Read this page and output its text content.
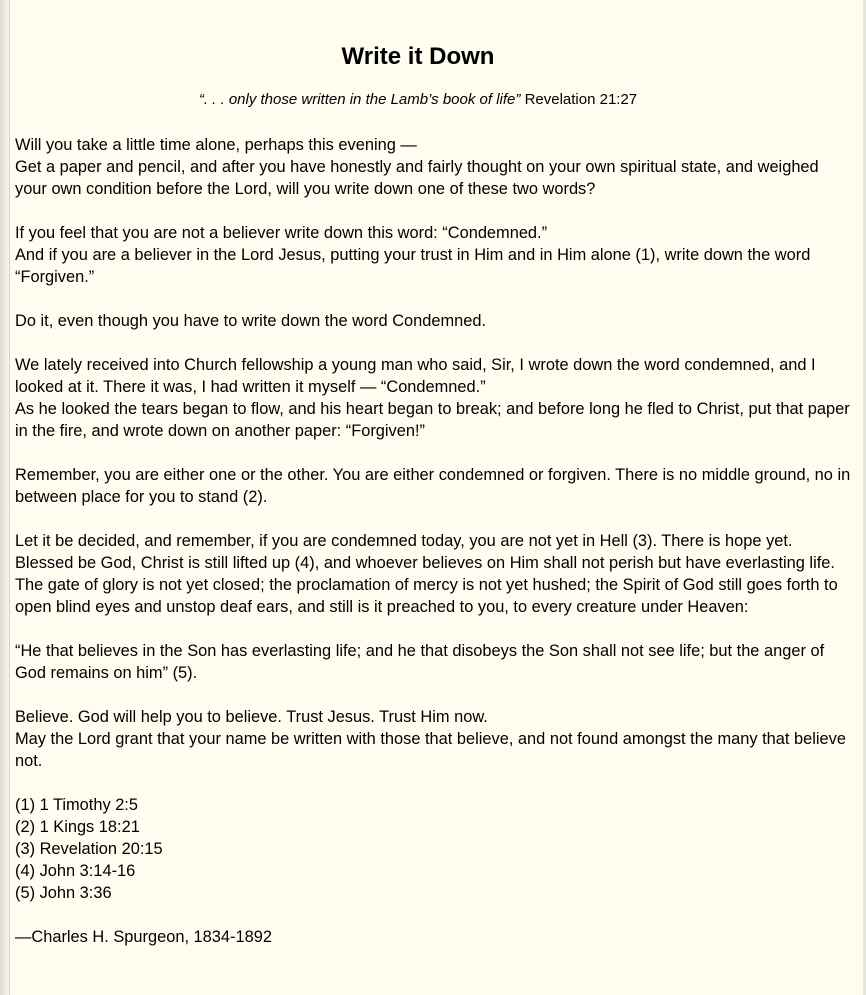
Write it Down
“. . . only those written in the Lamb’s book of life” Revelation 21:27

Will you take a little time alone, perhaps this evening —
Get a paper and pencil, and after you have honestly and fairly thought on your own spiritual state, and weighed your own condition before the Lord, will you write down one of these two words?

If you feel that you are not a believer write down this word: “Condemned.”
And if you are a believer in the Lord Jesus, putting your trust in Him and in Him alone (1), write down the word “Forgiven.”

Do it, even though you have to write down the word Condemned.

We lately received into Church fellowship a young man who said, Sir, I wrote down the word condemned, and I looked at it. There it was, I had written it myself — “Condemned.”
As he looked the tears began to flow, and his heart began to break; and before long he fled to Christ, put that paper in the fire, and wrote down on another paper: “Forgiven!”

Remember, you are either one or the other. You are either condemned or forgiven. There is no middle ground, no in between place for you to stand (2).

Let it be decided, and remember, if you are condemned today, you are not yet in Hell (3). There is hope yet. Blessed be God, Christ is still lifted up (4), and whoever believes on Him shall not perish but have everlasting life. The gate of glory is not yet closed; the proclamation of mercy is not yet hushed; the Spirit of God still goes forth to open blind eyes and unstop deaf ears, and still is it preached to you, to every creature under Heaven:

“He that believes in the Son has everlasting life; and he that disobeys the Son shall not see life; but the anger of God remains on him” (5).

Believe. God will help you to believe. Trust Jesus. Trust Him now.
May the Lord grant that your name be written with those that believe, and not found amongst the many that believe not.

(1) 1 Timothy 2:5
(2) 1 Kings 18:21
(3) Revelation 20:15
(4) John 3:14-16
(5) John 3:36

—Charles H. Spurgeon, 1834-1892
